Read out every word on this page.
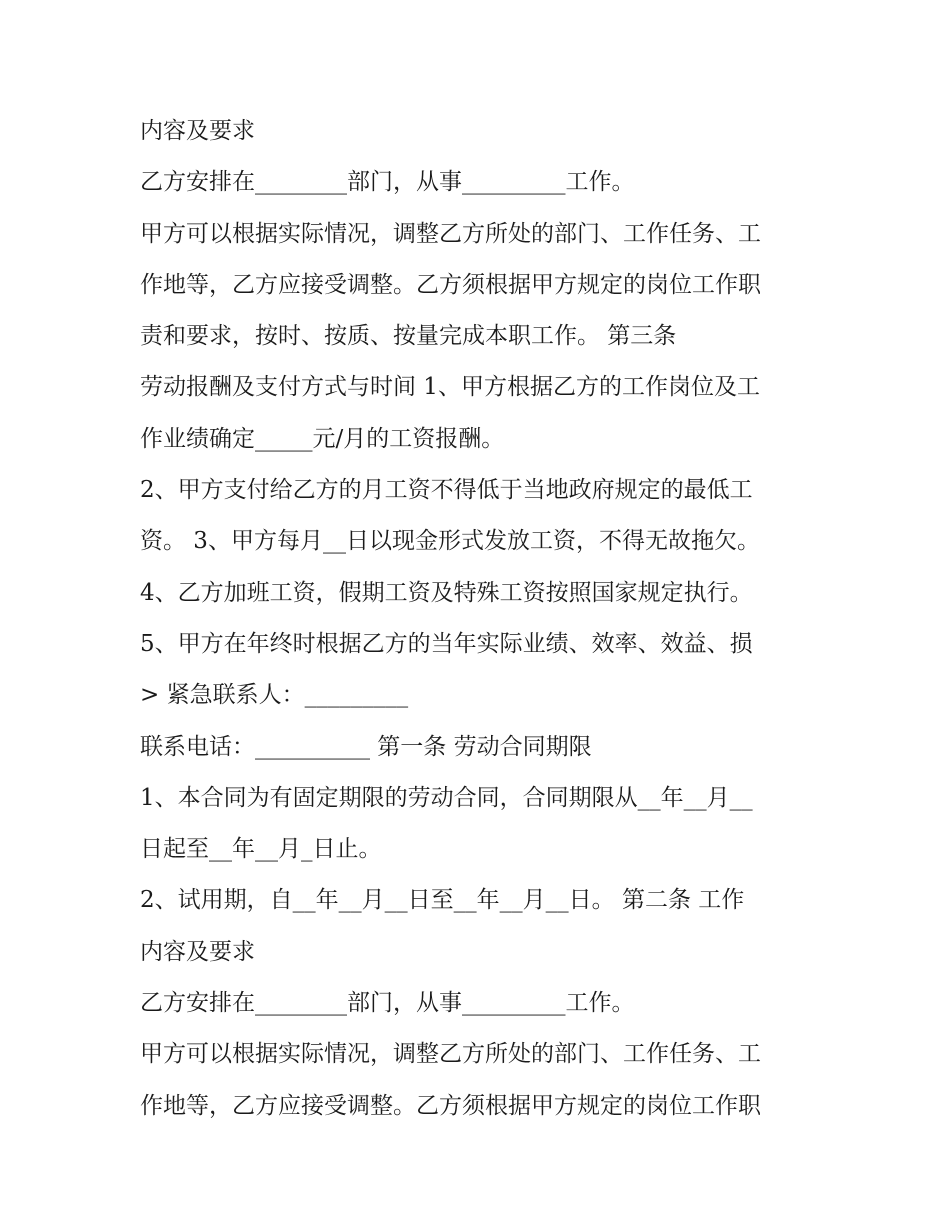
内容及要求
乙方安排在________部门，从事_________工作。
甲方可以根据实际情况，调整乙方所处的部门、工作任务、工
作地等，乙方应接受调整。乙方须根据甲方规定的岗位工作职
责和要求，按时、按质、按量完成本职工作。 第三条
劳动报酬及支付方式与时间 1、甲方根据乙方的工作岗位及工
作业绩确定_____元/月的工资报酬。
2、甲方支付给乙方的月工资不得低于当地政府规定的最低工
资。 3、甲方每月__日以现金形式发放工资，不得无故拖欠。
4、乙方加班工资，假期工资及特殊工资按照国家规定执行。
5、甲方在年终时根据乙方的当年实际业绩、效率、效益、损
> 紧急联系人：_________
联系电话：__________ 第一条 劳动合同期限
1、本合同为有固定期限的劳动合同，合同期限从__年__月__
日起至__年__月_日止。
2、试用期，自__年__月__日至__年__月__日。 第二条 工作
内容及要求
乙方安排在________部门，从事_________工作。
甲方可以根据实际情况，调整乙方所处的部门、工作任务、工
作地等，乙方应接受调整。乙方须根据甲方规定的岗位工作职
